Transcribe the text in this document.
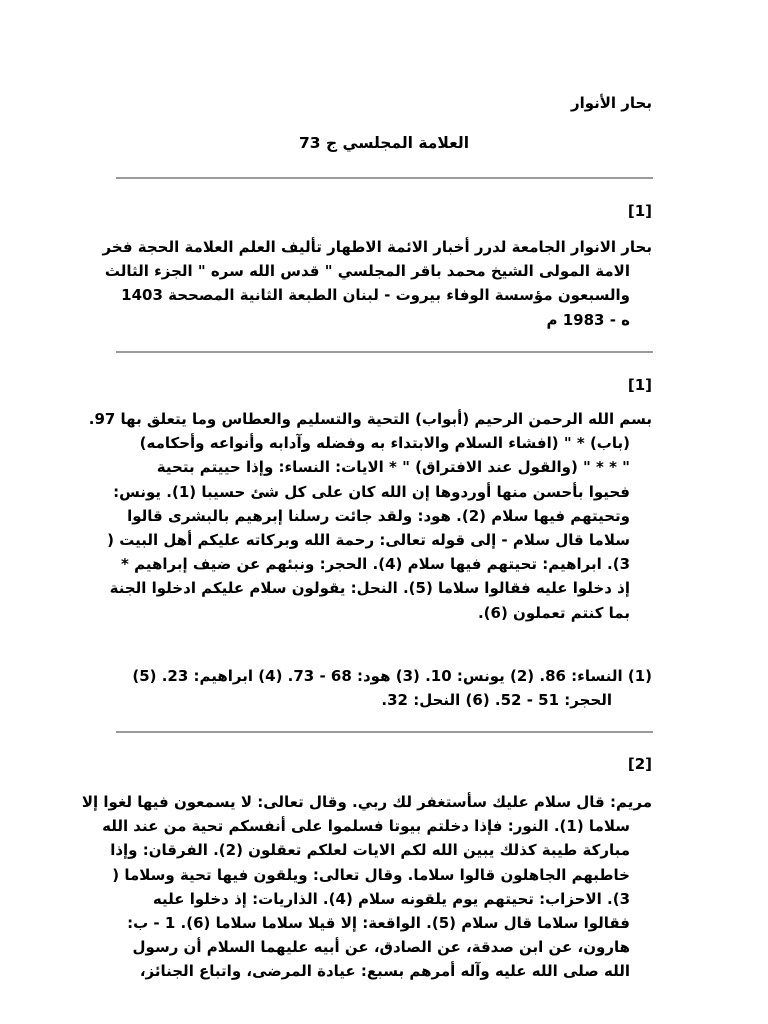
بحار الأنوار
العلامة المجلسي ج 73
[1]
بحار الانوار الجامعة لدرر أخبار الائمة الاطهار تأليف العلم العلامة الحجة فخر
الامة المولى الشيخ محمد باقر المجلسي " قدس الله سره " الجزء الثالث
والسبعون مؤسسة الوفاء بيروت - لبنان الطبعة الثانية المصححة 1403
ه - 1983 م
[1]
بسم الله الرحمن الرحيم (أبواب) التحية والتسليم والعطاس وما يتعلق بها 97.
(باب) * " (افشاء السلام والابتداء به وفضله وآدابه وأنواعه وأحكامه)
" * * " (والقول عند الافتراق) " * الايات: النساء: وإذا حييتم بتحية
فحيوا بأحسن منها أوردوها إن الله كان على كل شئ حسيبا (1). يونس:
وتحيتهم فيها سلام (2). هود: ولقد جائت رسلنا إبرهيم بالبشرى قالوا
سلاما قال سلام - إلى قوله تعالى: رحمة الله وبركاته عليكم أهل البيت (
3). ابراهيم: تحيتهم فيها سلام (4). الحجر: ونبئهم عن ضيف إبراهيم *
إذ دخلوا عليه فقالوا سلاما (5). النحل: يقولون سلام عليكم ادخلوا الجنة
بما كنتم تعملون (6).
(1) النساء: 86. (2) يونس: 10. (3) هود: 68 - 73. (4) ابراهيم: 23. (5)
الحجر: 51 - 52. (6) النحل: 32.
[2]
مريم: قال سلام عليك سأستغفر لك ربي. وقال تعالى: لا يسمعون فيها لغوا إلا
سلاما (1). النور: فإذا دخلتم بيوتا فسلموا على أنفسكم تحية من عند الله
مباركة طيبة كذلك يبين الله لكم الايات لعلكم تعقلون (2). الفرقان: وإذا
خاطبهم الجاهلون قالوا سلاما. وقال تعالى: ويلقون فيها تحية وسلاما (
3). الاحزاب: تحيتهم يوم يلقونه سلام (4). الذاريات: إذ دخلوا عليه
فقالوا سلاما قال سلام (5). الواقعة: إلا قيلا سلاما سلاما (6). 1 - ب:
هارون، عن ابن صدقة، عن الصادق، عن أبيه عليهما السلام أن رسول
الله صلى الله عليه وآله أمرهم بسبع: عيادة المرضى، واتباع الجنائز،
